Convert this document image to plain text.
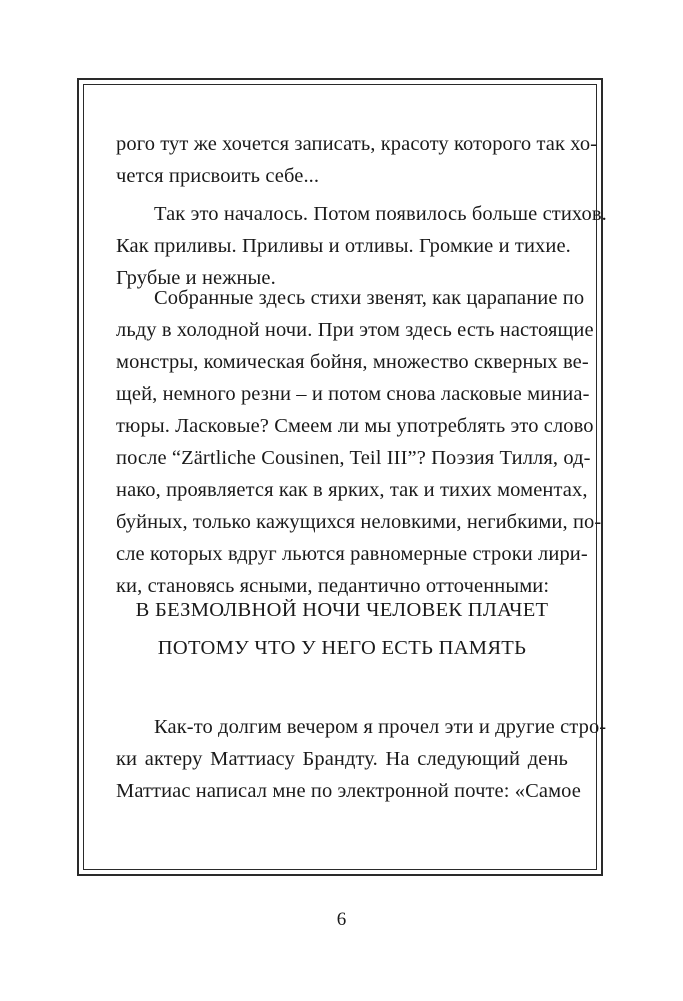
рого тут же хочется записать, красоту которого так хо-
чется присвоить себе...
Так это началось. Потом появилось больше стихов.
Как приливы. Приливы и отливы. Громкие и тихие.
Грубые и нежные.
Собранные здесь стихи звенят, как царапание по
льду в холодной ночи. При этом здесь есть настоящие
монстры, комическая бойня, множество скверных ве-
щей, немного резни – и потом снова ласковые миниа-
тюры. Ласковые? Смеем ли мы употреблять это слово
после “Zärtliche Cousinen, Teil III”? Поэзия Тилля, од-
нако, проявляется как в ярких, так и тихих моментах,
буйных, только кажущихся неловкими, негибкими, по-
сле которых вдруг льются равномерные строки лири-
ки, становясь ясными, педантично отточенными:
В БЕЗМОЛВНОЙ НОЧИ ЧЕЛОВЕК ПЛАЧЕТ
ПОТОМУ ЧТО У НЕГО ЕСТЬ ПАМЯТЬ
Как-то долгим вечером я прочел эти и другие стро-
ки актеру Маттиасу Брандту. На следующий день
Маттиас написал мне по электронной почте: «Самое
6
